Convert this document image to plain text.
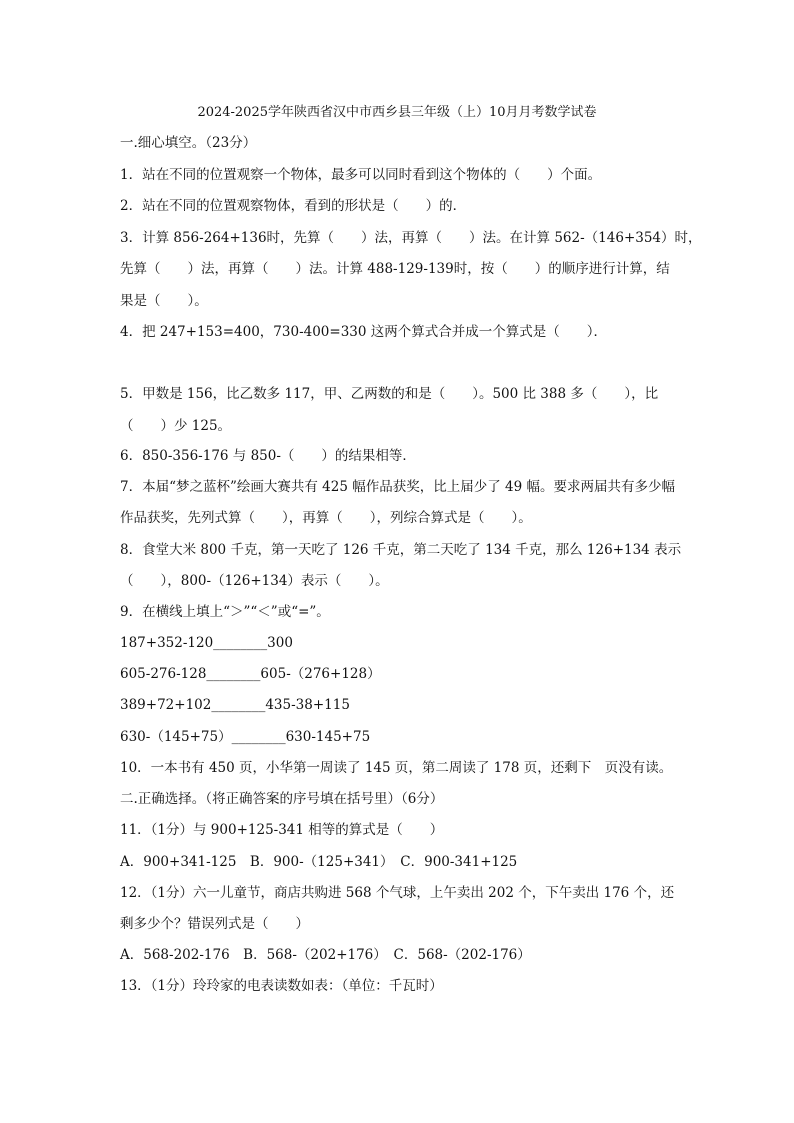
2024-2025学年陕西省汉中市西乡县三年级（上）10月月考数学试卷
一.细心填空。（23分）
1．站在不同的位置观察一个物体，最多可以同时看到这个物体的（　　）个面。
2．站在不同的位置观察物体，看到的形状是（　　）的．
3．计算 856-264+136时，先算（　　）法，再算（　　）法。在计算 562-（146+354）时，
先算（　　）法，再算（　　）法。计算 488-129-139时，按（　　）的顺序进行计算，结
果是（　　）。
4．把 247+153=400，730-400=330 这两个算式合并成一个算式是（　　）．
5．甲数是 156，比乙数多 117，甲、乙两数的和是（　　）。500 比 388 多（　　），比
（　　）少 125。
6．850-356-176 与 850-（　　）的结果相等．
7．本届“梦之蓝杯”绘画大赛共有 425 幅作品获奖，比上届少了 49 幅。要求两届共有多少幅
作品获奖，先列式算（　　），再算（　　），列综合算式是（　　）。
8．食堂大米 800 千克，第一天吃了 126 千克，第二天吃了 134 千克，那么 126+134 表示
（　　），800-（126+134）表示（　　）。
9．在横线上填上“＞”“＜”或“=”。
187+352-120________300
605-276-128________605-（276+128）
389+72+102________435-38+115
630-（145+75）________630-145+75
10．一本书有 450 页，小华第一周读了 145 页，第二周读了 178 页，还剩下　页没有读。
二.正确选择。（将正确答案的序号填在括号里）（6分）
11．（1分）与 900+125-341 相等的算式是（　　）
A．900+341-125　B．900-（125+341）　C．900-341+125
12．（1分）六一儿童节，商店共购进 568 个气球，上午卖出 202 个，下午卖出 176 个，还
剩多少个？错误列式是（　　）
A．568-202-176　B．568-（202+176）　C．568-（202-176）
13．（1分）玲玲家的电表读数如表：（单位：千瓦时）
